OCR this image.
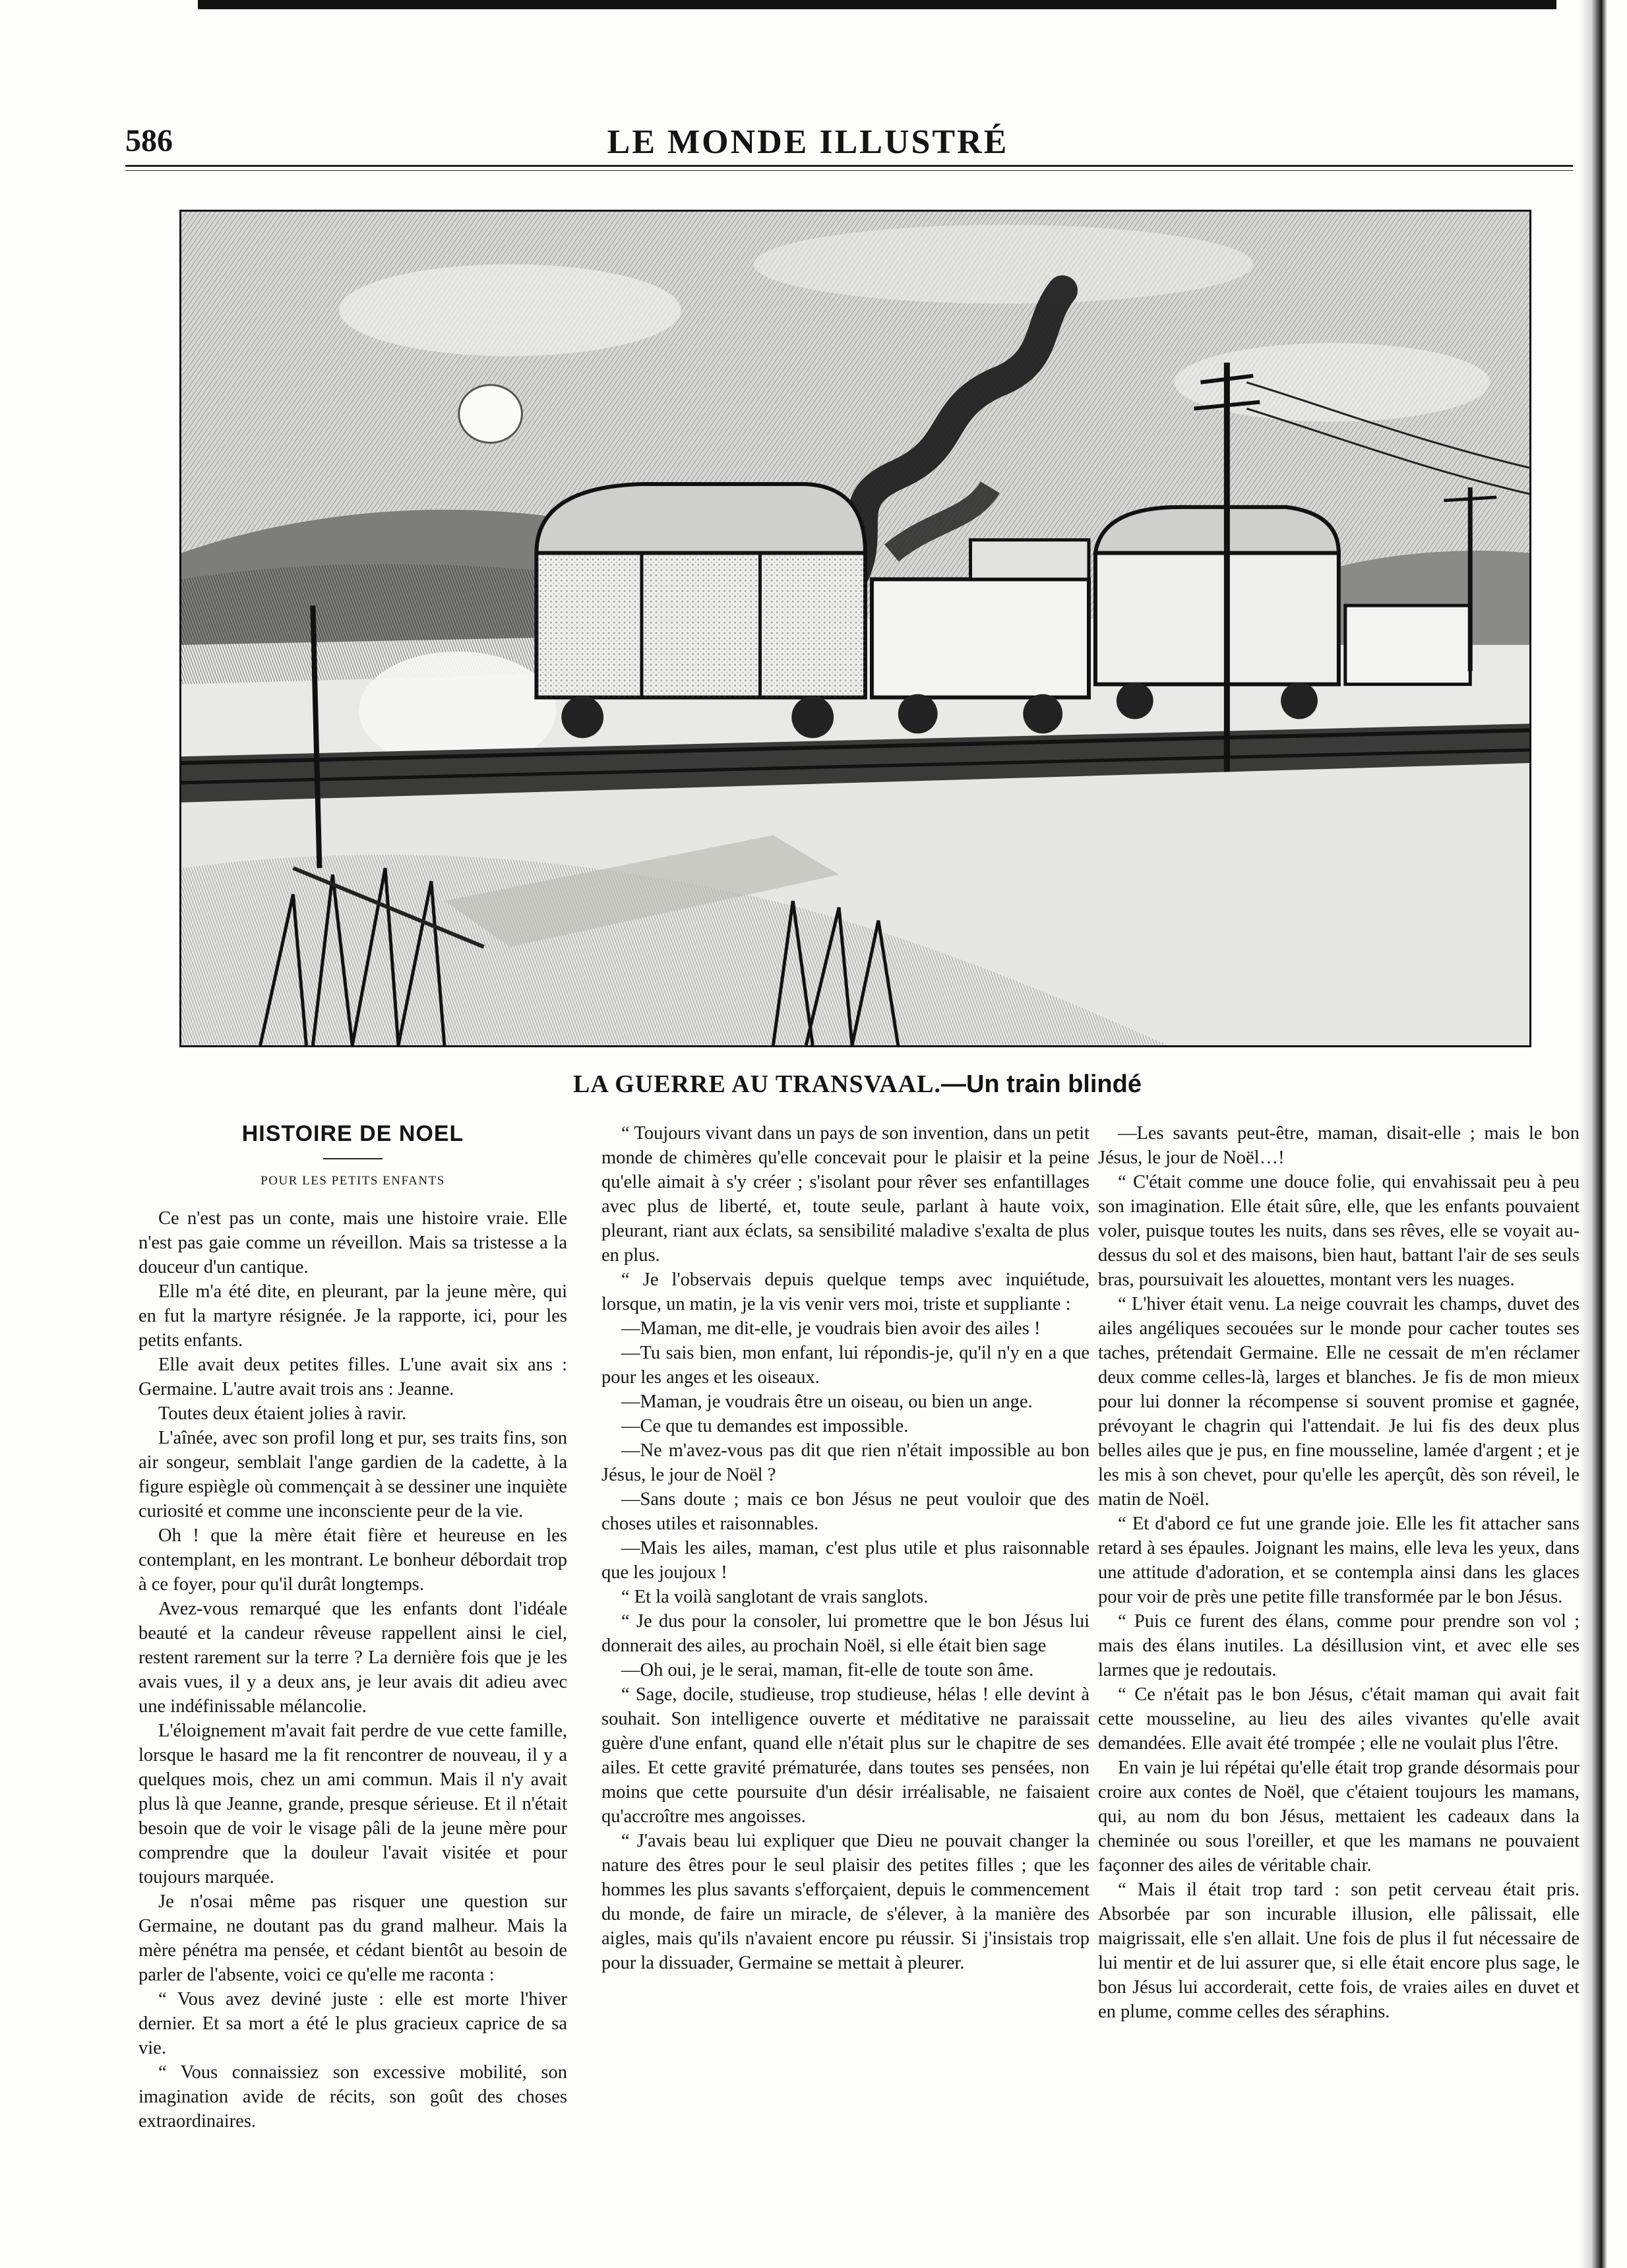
586	LE MONDE ILLUSTRÉ
LA GUERRE AU TRANSVAAL.—Un train blindé
HISTOIRE DE NOEL
POUR LES PETITS ENFANTS

Ce n'est pas un conte, mais une histoire vraie. Elle n'est pas gaie comme un réveillon. Mais sa tristesse a la douceur d'un cantique.

Elle m'a été dite, en pleurant, par la jeune mère, qui en fut la martyre résignée. Je la rapporte, ici, pour les petits enfants.

Elle avait deux petites filles. L'une avait six ans : Germaine. L'autre avait trois ans : Jeanne.

Toutes deux étaient jolies à ravir.

L'aînée, avec son profil long et pur, ses traits fins, son air songeur, semblait l'ange gardien de la cadette, à la figure espiègle où commençait à se dessiner une inquiète curiosité et comme une inconsciente peur de la vie.

Oh ! que la mère était fière et heureuse en les contemplant, en les montrant. Le bonheur débordait trop à ce foyer, pour qu'il durât longtemps.

Avez-vous remarqué que les enfants dont l'idéale beauté et la candeur rêveuse rappellent ainsi le ciel, restent rarement sur la terre ? La dernière fois que je les avais vues, il y a deux ans, je leur avais dit adieu avec une indéfinissable mélancolie.

L'éloignement m'avait fait perdre de vue cette famille, lorsque le hasard me la fit rencontrer de nouveau, il y a quelques mois, chez un ami commun. Mais il n'y avait plus là que Jeanne, grande, presque sérieuse. Et il n'était besoin que de voir le visage pâli de la jeune mère pour comprendre que la douleur l'avait visitée et pour toujours marquée.

Je n'osai même pas risquer une question sur Germaine, ne doutant pas du grand malheur. Mais la mère pénétra ma pensée, et cédant bientôt au besoin de parler de l'absente, voici ce qu'elle me raconta :

“ Vous avez deviné juste : elle est morte l'hiver dernier. Et sa mort a été le plus gracieux caprice de sa vie.

“ Vous connaissiez son excessive mobilité, son imagination avide de récits, son goût des choses extraordinaires.

“ Toujours vivant dans un pays de son invention, dans un petit monde de chimères qu'elle concevait pour le plaisir et la peine qu'elle aimait à s'y créer ; s'isolant pour rêver ses enfantillages avec plus de liberté, et, toute seule, parlant à haute voix, pleurant, riant aux éclats, sa sensibilité maladive s'exalta de plus en plus.

“ Je l'observais depuis quelque temps avec inquiétude, lorsque, un matin, je la vis venir vers moi, triste et suppliante :

—Maman, me dit-elle, je voudrais bien avoir des ailes !

—Tu sais bien, mon enfant, lui répondis-je, qu'il n'y en a que pour les anges et les oiseaux.

—Maman, je voudrais être un oiseau, ou bien un ange.

—Ce que tu demandes est impossible.

—Ne m'avez-vous pas dit que rien n'était impossible au bon Jésus, le jour de Noël ?

—Sans doute ; mais ce bon Jésus ne peut vouloir que des choses utiles et raisonnables.

—Mais les ailes, maman, c'est plus utile et plus raisonnable que les joujoux !

“ Et la voilà sanglotant de vrais sanglots.

“ Je dus pour la consoler, lui promettre que le bon Jésus lui donnerait des ailes, au prochain Noël, si elle était bien sage

—Oh oui, je le serai, maman, fit-elle de toute son âme.

“ Sage, docile, studieuse, trop studieuse, hélas ! elle devint à souhait. Son intelligence ouverte et méditative ne paraissait guère d'une enfant, quand elle n'était plus sur le chapitre de ses ailes. Et cette gravité prématurée, dans toutes ses pensées, non moins que cette poursuite d'un désir irréalisable, ne faisaient qu'accroître mes angoisses.

“ J'avais beau lui expliquer que Dieu ne pouvait changer la nature des êtres pour le seul plaisir des petites filles ; que les hommes les plus savants s'efforçaient, depuis le commencement du monde, de faire un miracle, de s'élever, à la manière des aigles, mais qu'ils n'avaient encore pu réussir. Si j'insistais trop pour la dissuader, Germaine se mettait à pleurer.

—Les savants peut-être, maman, disait-elle ; mais le bon Jésus, le jour de Noël…!

“ C'était comme une douce folie, qui envahissait peu à peu son imagination. Elle était sûre, elle, que les enfants pouvaient voler, puisque toutes les nuits, dans ses rêves, elle se voyait au-dessus du sol et des maisons, bien haut, battant l'air de ses seuls bras, poursuivait les alouettes, montant vers les nuages.

“ L'hiver était venu. La neige couvrait les champs, duvet des ailes angéliques secouées sur le monde pour cacher toutes ses taches, prétendait Germaine. Elle ne cessait de m'en réclamer deux comme celles-là, larges et blanches. Je fis de mon mieux pour lui donner la récompense si souvent promise et gagnée, prévoyant le chagrin qui l'attendait. Je lui fis des deux plus belles ailes que je pus, en fine mousseline, lamée d'argent ; et je les mis à son chevet, pour qu'elle les aperçût, dès son réveil, le matin de Noël.

“ Et d'abord ce fut une grande joie. Elle les fit attacher sans retard à ses épaules. Joignant les mains, elle leva les yeux, dans une attitude d'adoration, et se contempla ainsi dans les glaces pour voir de près une petite fille transformée par le bon Jésus.

“ Puis ce furent des élans, comme pour prendre son vol ; mais des élans inutiles. La désillusion vint, et avec elle ses larmes que je redoutais.

“ Ce n'était pas le bon Jésus, c'était maman qui avait fait cette mousseline, au lieu des ailes vivantes qu'elle avait demandées. Elle avait été trompée ; elle ne voulait plus l'être.

En vain je lui répétai qu'elle était trop grande désormais pour croire aux contes de Noël, que c'étaient toujours les mamans, qui, au nom du bon Jésus, mettaient les cadeaux dans la cheminée ou sous l'oreiller, et que les mamans ne pouvaient façonner des ailes de véritable chair.

“ Mais il était trop tard : son petit cerveau était pris. Absorbée par son incurable illusion, elle pâlissait, elle maigrissait, elle s'en allait. Une fois de plus il fut nécessaire de lui mentir et de lui assurer que, si elle était encore plus sage, le bon Jésus lui accorderait, cette fois, de vraies ailes en duvet et en plume, comme celles des séraphins.
